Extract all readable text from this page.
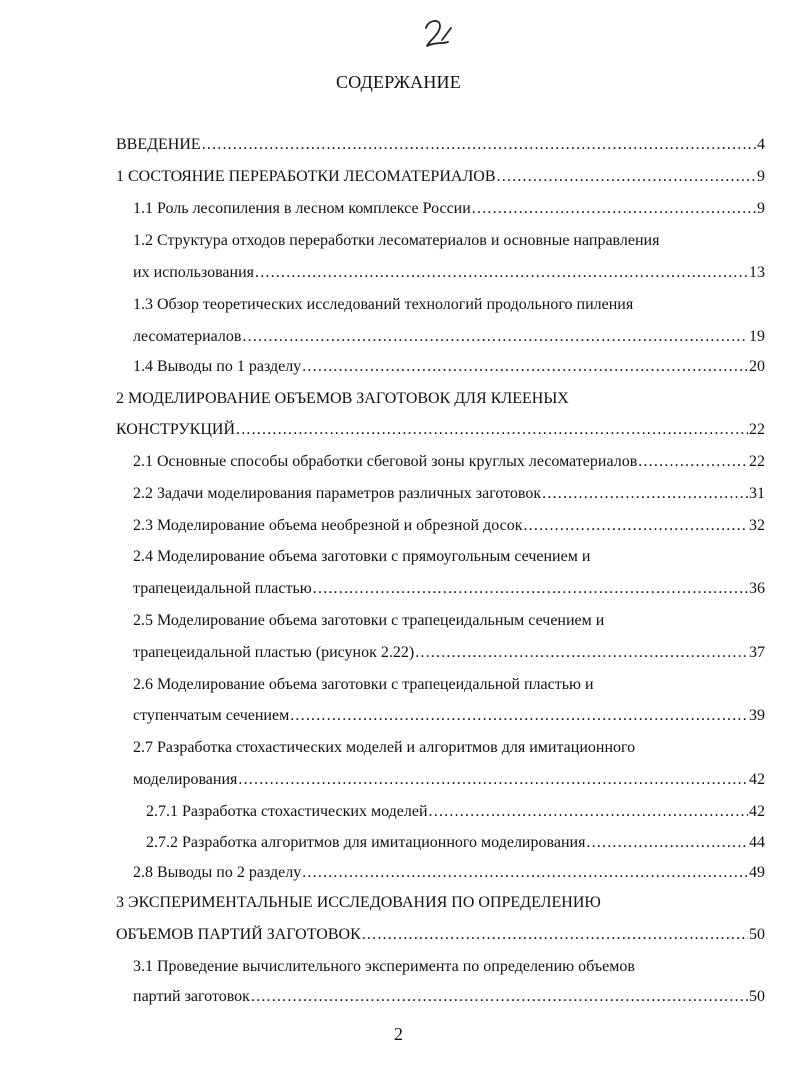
СОДЕРЖАНИЕ
ВВЕДЕНИЕ .....	4
1 СОСТОЯНИЕ ПЕРЕРАБОТКИ ЛЕСОМАТЕРИАЛОВ .....	9
1.1 Роль лесопиления в лесном комплексе России .....	9
1.2 Структура отходов переработки лесоматериалов и основные направления
их использования .....	13
1.3 Обзор теоретических исследований технологий продольного пиления
лесоматериалов .....	19
1.4 Выводы по 1 разделу .....	20
2 МОДЕЛИРОВАНИЕ ОБЪЕМОВ ЗАГОТОВОК ДЛЯ КЛЕЕНЫХ
КОНСТРУКЦИЙ .....	22
2.1 Основные способы обработки сбеговой зоны круглых лесоматериалов .....	22
2.2 Задачи моделирования параметров различных заготовок .....	31
2.3 Моделирование объема необрезной и обрезной досок .....	32
2.4 Моделирование объема заготовки с прямоугольным сечением и
трапецеидальной пластью .....	36
2.5 Моделирование объема заготовки с трапецеидальным сечением и
трапецеидальной пластью (рисунок 2.22) .....	37
2.6 Моделирование объема заготовки с трапецеидальной пластью и
ступенчатым сечением .....	39
2.7 Разработка стохастических моделей и алгоритмов для имитационного
моделирования .....	42
2.7.1 Разработка стохастических моделей .....	42
2.7.2 Разработка алгоритмов для имитационного моделирования .....	44
2.8 Выводы по 2 разделу .....	49
3 ЭКСПЕРИМЕНТАЛЬНЫЕ ИССЛЕДОВАНИЯ ПО ОПРЕДЕЛЕНИЮ
ОБЪЕМОВ ПАРТИЙ ЗАГОТОВОК .....	50
3.1 Проведение вычислительного эксперимента по определению объемов
партий заготовок .....	50
2
